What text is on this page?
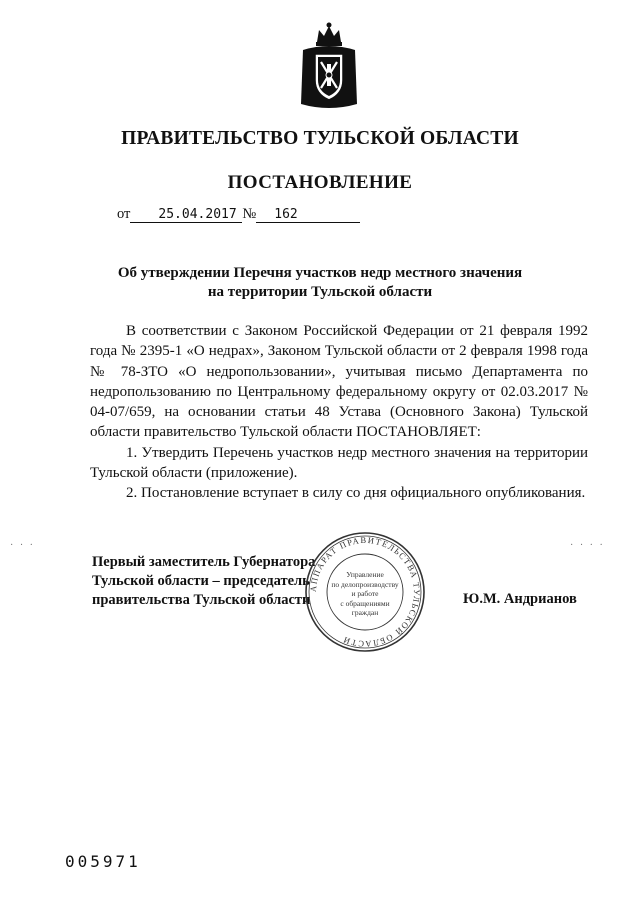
ПРАВИТЕЛЬСТВО ТУЛЬСКОЙ ОБЛАСТИ
ПОСТАНОВЛЕНИЕ
от 25.04.2017 № 162
Об утверждении Перечня участков недр местного значения
на территории Тульской области

В соответствии с Законом Российской Федерации от 21 февраля 1992 года № 2395-1 «О недрах», Законом Тульской области от 2 февраля 1998 года № 78-ЗТО «О недропользовании», учитывая письмо Департамента по недропользованию по Центральному федеральному округу от 02.03.2017 № 04-07/659, на основании статьи 48 Устава (Основного Закона) Тульской области правительство Тульской области ПОСТАНОВЛЯЕТ:

1. Утвердить Перечень участков недр местного значения на территории Тульской области (приложение).

2. Постановление вступает в силу со дня официального опубликования.

· · ·	· · · ·
Первый заместитель Губернатора
Тульской области – председатель
правительства Тульской области	Ю.М. Андрианов
АППАРАТ ПРАВИТЕЛЬСТВА ТУЛЬСКОЙ ОБЛАСТИ
Управление
по делопроизводству
и работе
с обращениями
граждан
005971
